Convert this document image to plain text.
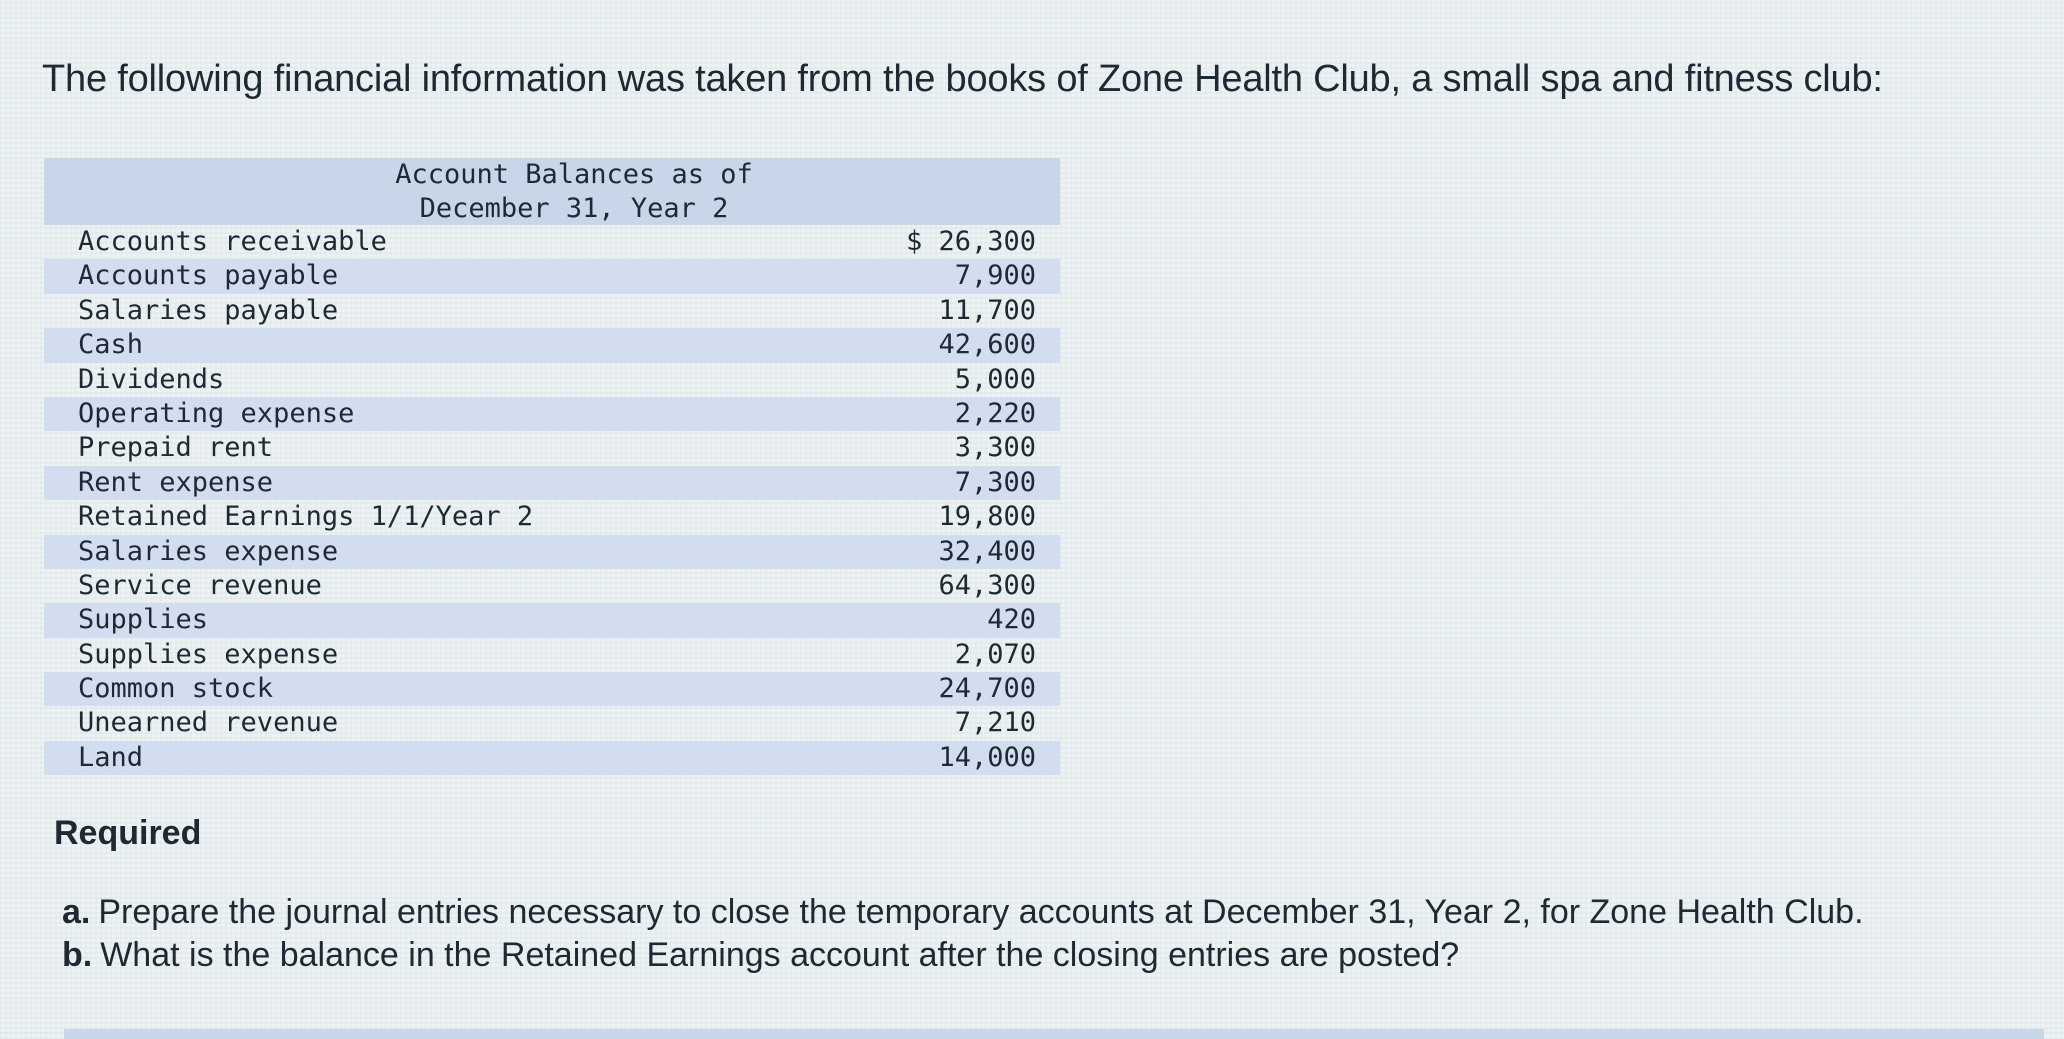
The following financial information was taken from the books of Zone Health Club, a small spa and fitness club:
Account Balances as of
December 31, Year 2
Accounts receivable	$ 26,300
Accounts payable	7,900
Salaries payable	11,700
Cash	42,600
Dividends	5,000
Operating expense	2,220
Prepaid rent	3,300
Rent expense	7,300
Retained Earnings 1/1/Year 2	19,800
Salaries expense	32,400
Service revenue	64,300
Supplies	420
Supplies expense	2,070
Common stock	24,700
Unearned revenue	7,210
Land	14,000
Required
a. Prepare the journal entries necessary to close the temporary accounts at December 31, Year 2, for Zone Health Club.
b. What is the balance in the Retained Earnings account after the closing entries are posted?
